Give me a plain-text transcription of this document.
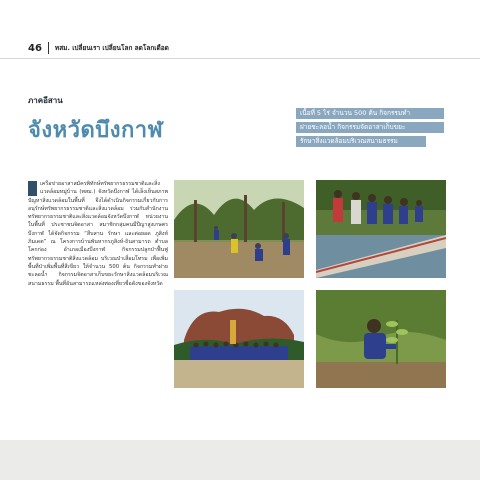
46 ทสม. เปลี่ยนเรา เปลี่ยนโลก ลดโลกเดือด
ภาคอีสาน
จังหวัดบึงกาฬ
เนื้อที่ 5 ไร่ จำนวน 500 ต้น กิจกรรมทำ
ฝายชะลอน้ำ กิจกรรมจัดอาสาเก็บขยะ
รักษาสิ่งแวดล้อมบริเวณสนามธรรม

เครือข่ายอาสาสมัครพิทักษ์ทรัพยากรธรรมชาติและสิ่งแวดล้อมหมู่บ้าน (ทสม.) จังหวัดบึงกาฬ ได้เล็งเห็นสภาพปัญหาสิ่งแวดล้อมในพื้นที่ จึงได้ดำเนินกิจกรรมเกี่ยวกับการอนุรักษ์ทรัพยากรธรรมชาติและสิ่งแวดล้อม ร่วมกับสำนักงานทรัพยากรธรรมชาติและสิ่งแวดล้อมจังหวัดบึงกาฬ หน่วยงานในพื้นที่ ประชาชนจิตอาสา สมาชิกกลุ่มคนมีปีญาสูงเกษตรบึงกาฬ ได้จัดกิจกรรม “สืบสาน รักษา และต่อยอด ภูสิงห์ภิมเดต” ณ โครงการบ้านพันหากรภูสิงห์-ถินสามารถ ตำบลโคกก่อง อำเภอเมืองบึงกาฬ กิจกรรมปลูกป่าฟื้นฟูทรัพยากรธรรมชาติสิ่งแวดล้อม บริเวณป่าเสื่อมโทรม เพื่อเพิ่มพื้นที่ป่าเพิ่มพื้นที่สีเขียว ให้จำนวน 500 ต้น กิจกรรมทำฝายชะลอน้ำ กิจกรรมจิตอาสาเก็บขยะรักษาสิ่งแวดล้อมบริเวณสนามธรรม พื้นที่อันสามารถแหล่งท่องเที่ยวชื่อดังของจังหวัด
